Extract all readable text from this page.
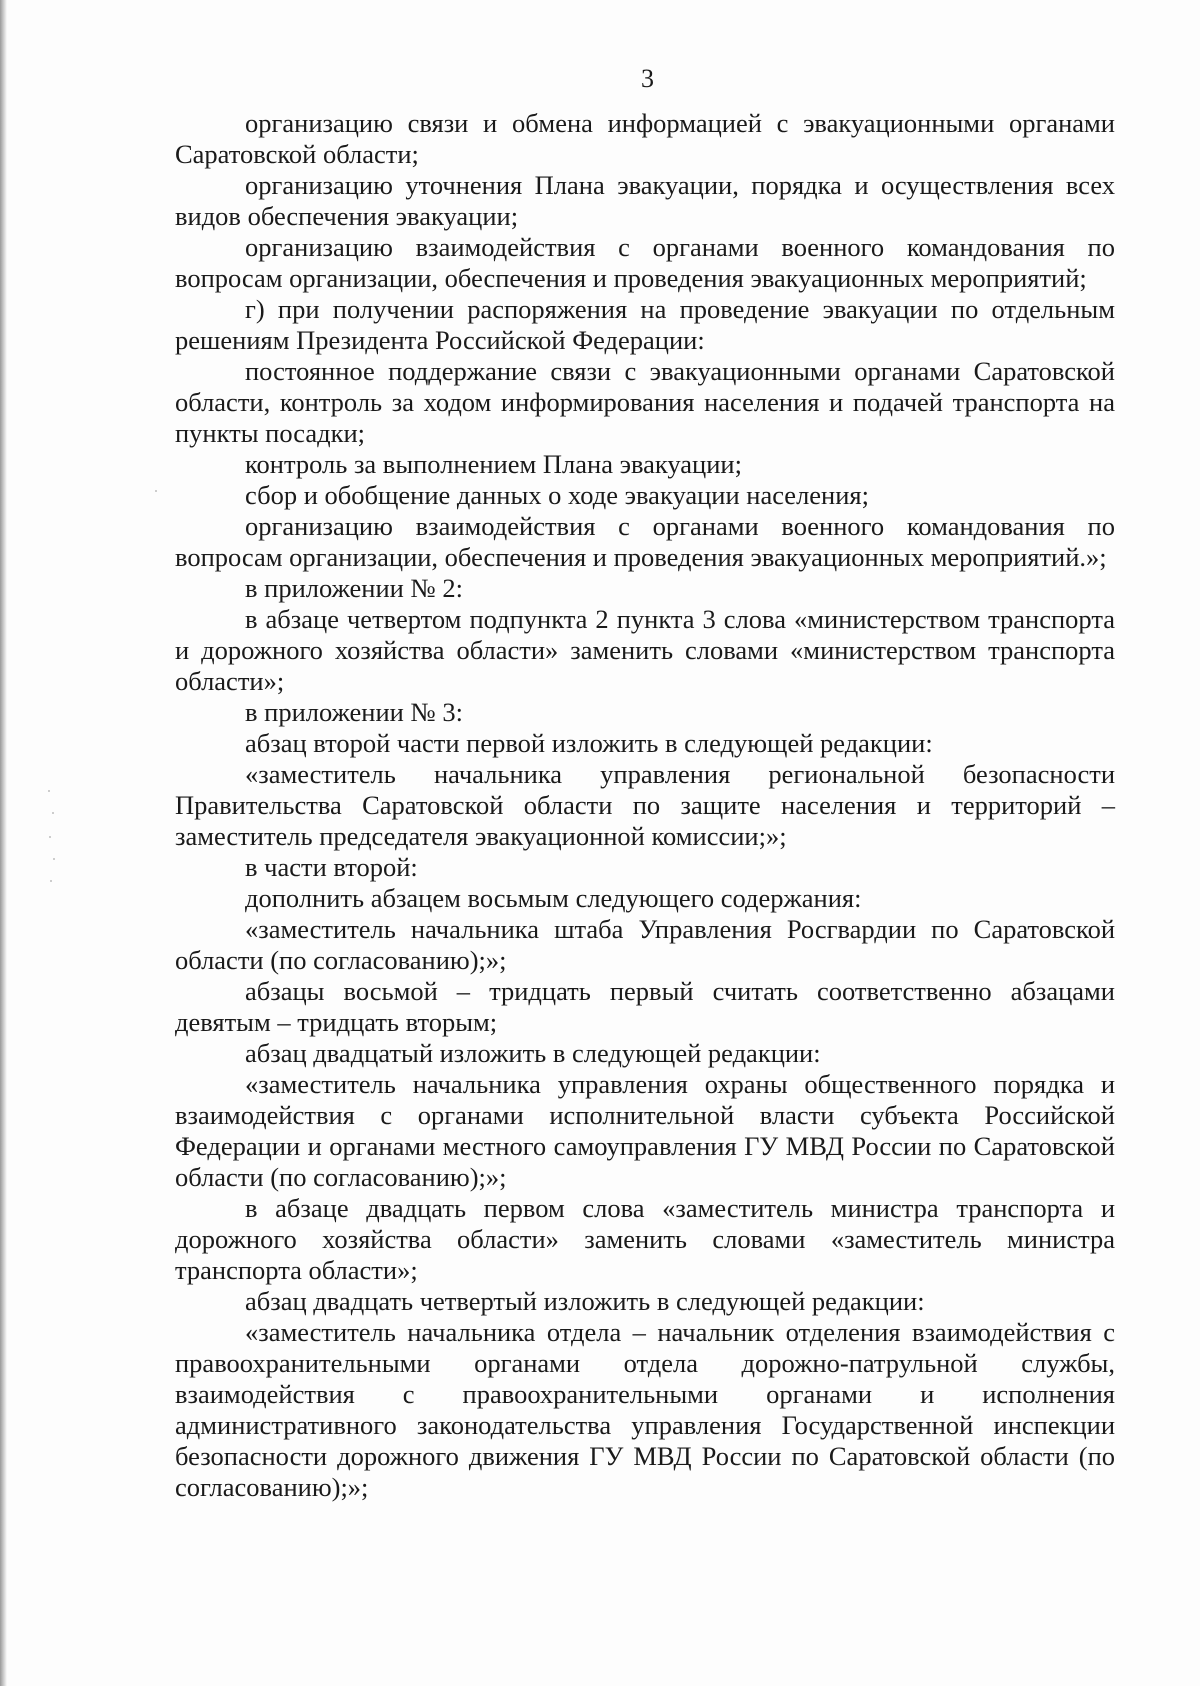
3

организацию связи и обмена информацией с эвакуационными органами Саратовской области;

организацию уточнения Плана эвакуации, порядка и осуществления всех видов обеспечения эвакуации;

организацию взаимодействия с органами военного командования по вопросам организации, обеспечения и проведения эвакуационных мероприятий;

г) при получении распоряжения на проведение эвакуации по отдельным решениям Президента Российской Федерации:

постоянное поддержание связи с эвакуационными органами Саратовской области, контроль за ходом информирования населения и подачей транспорта на пункты посадки;

контроль за выполнением Плана эвакуации;

сбор и обобщение данных о ходе эвакуации населения;

организацию взаимодействия с органами военного командования по вопросам организации, обеспечения и проведения эвакуационных мероприятий.»;

в приложении № 2:

в абзаце четвертом подпункта 2 пункта 3 слова «министерством транспорта и дорожного хозяйства области» заменить словами «министерством транспорта области»;

в приложении № 3:

абзац второй части первой изложить в следующей редакции:

«заместитель начальника управления региональной безопасности Правительства Саратовской области по защите населения и территорий – заместитель председателя эвакуационной комиссии;»;

в части второй:

дополнить абзацем восьмым следующего содержания:

«заместитель начальника штаба Управления Росгвардии по Саратовской области (по согласованию);»;

абзацы восьмой – тридцать первый считать соответственно абзацами девятым – тридцать вторым;

абзац двадцатый изложить в следующей редакции:

«заместитель начальника управления охраны общественного порядка и взаимодействия с органами исполнительной власти субъекта Российской Федерации и органами местного самоуправления ГУ МВД России по Саратовской области (по согласованию);»;

в абзаце двадцать первом слова «заместитель министра транспорта и дорожного хозяйства области» заменить словами «заместитель министра транспорта области»;

абзац двадцать четвертый изложить в следующей редакции:

«заместитель начальника отдела – начальник отделения взаимодействия с правоохранительными органами отдела дорожно-патрульной службы, взаимодействия с правоохранительными органами и исполнения административного законодательства управления Государственной инспекции безопасности дорожного движения ГУ МВД России по Саратовской области (по согласованию);»;
